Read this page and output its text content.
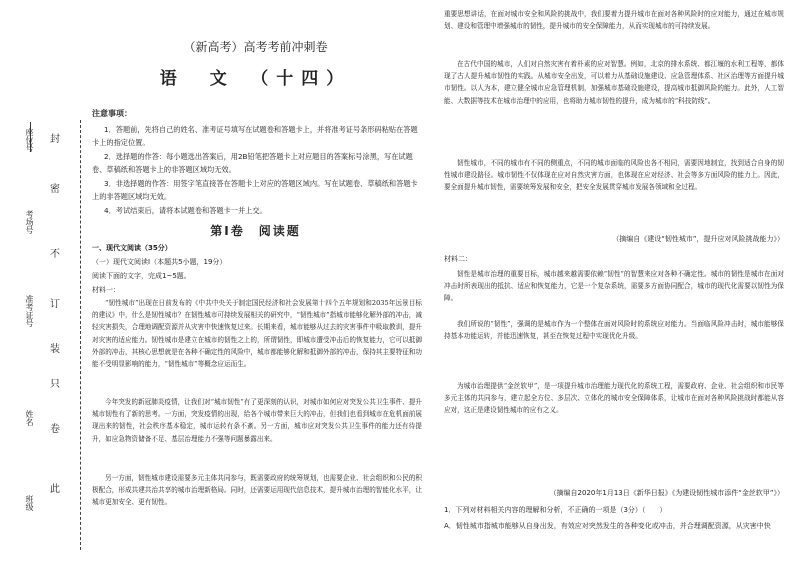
座位号
考场号
准考证号
姓名
班级
封
密
不
订
装
只
卷
此
（新高考）高考考前冲刺卷
语　文　（十四）
注意事项：
1．答题前，先将自己的姓名、准考证号填写在试题卷和答题卡上，并将准考证号条形码粘贴在答题卡上的指定位置。
2．选择题的作答：每小题选出答案后，用2B铅笔把答题卡上对应题目的答案标号涂黑，写在试题卷、草稿纸和答题卡上的非答题区域均无效。
3．非选择题的作答：用签字笔直接答在答题卡上对应的答题区域内。写在试题卷、草稿纸和答题卡上的非答题区域均无效。
4．考试结束后，请将本试题卷和答题卡一并上交。
第Ⅰ卷　阅读题
一、现代文阅读（35分）
（一）现代文阅读Ⅰ（本题共5小题，19分）
阅读下面的文字，完成1~5题。
材料一：
“韧性城市”出现在日前发布的《中共中央关于制定国民经济和社会发展第十四个五年规划和2035年远景目标的建议》中，什么是韧性城市？在韧性城市可持续发展相关的研究中，“韧性城市”指城市能够化解外部的冲击，减轻灾害损失，合理地调配资源并从灾害中快速恢复过来。长期来看，城市能够从过去的灾害事件中吸取教训，提升对灾害的适应能力。韧性城市是建立在城市的韧性之上的，所谓韧性，即城市遭受冲击后的恢复能力，它可以抵御外部的冲击，其核心思想就是在各种不确定性的风险中，城市都能够化解和抵御外部的冲击，保持其主要特征和功能不受明显影响的能力，“韧性城市”等概念应运而生。
今年突发的新冠肺炎疫情，让我们对“城市韧性”有了更深刻的认识，对城市如何应对突发公共卫生事件、提升城市韧性有了新的思考。一方面，突发疫情的出现，给各个城市带来巨大的冲击，但我们也看到城市在危机面前展现出来的韧性，社会秩序基本稳定，城市运转有条不紊。另一方面，城市应对突发公共卫生事件的能力还有待提升，如应急物资储备不足、基层治理能力不强等问题暴露出来。
另一方面，韧性城市建设需要多元主体共同参与，既需要政府的统筹规划，也需要企业、社会组织和公民的积极配合，形成共建共治共享的城市治理新格局。同时，还需要运用现代信息技术，提升城市治理的智能化水平，让城市更加安全、更有韧性。
重要思想讲话，在面对城市安全和风险的挑战中，我们要着力提升城市在面对各种风险时的应对能力，通过在城市规划、建设和管理中增强城市的韧性，提升城市的安全保障能力，从而实现城市的可持续发展。
在古代中国的城市，人们对自然灾害有着朴素的应对智慧。例如，北京的排水系统、都江堰的水利工程等，都体现了古人提升城市韧性的实践。从城市安全出发，可以着力从基础设施建设、应急管理体系、社区治理等方面提升城市韧性。以人为本，建立健全城市应急管理机制，加强城市基础设施建设，提高城市抵御风险的能力。此外，人工智能、大数据等技术在城市治理中的应用，也将助力城市韧性的提升，成为城市的“科技防线”。
韧性城市，不同的城市有不同的侧重点，不同的城市面临的风险也各不相同，需要因地制宜，找到适合自身的韧性城市建设路径。城市韧性不仅体现在应对自然灾害方面，也体现在应对经济、社会等多方面风险的能力上。因此，要全面提升城市韧性，需要统筹发展和安全，把安全发展贯穿城市发展各领域和全过程。
（摘编自《建设“韧性城市”，提升应对风险挑战能力》）
材料二：
韧性是城市治理的重要目标，城市越来越需要依赖“韧性”的智慧来应对各种不确定性。城市的韧性是城市在面对冲击时所表现出的抵抗、适应和恢复能力，它是一个复杂系统，需要多方面协同配合，城市的现代化需要以韧性为保障。
我们所说的“韧性”，强调的是城市作为一个整体在面对风险时的系统应对能力。当面临风险冲击时，城市能够保持基本功能运转，并能迅速恢复，甚至在恢复过程中实现优化升级。
为城市治理提供“金丝软甲”，是一项提升城市治理能力现代化的系统工程，需要政府、企业、社会组织和市民等多元主体的共同参与，建立起全方位、多层次、立体化的城市安全保障体系，让城市在面对各种风险挑战时都能从容应对，这正是建设韧性城市的应有之义。
（摘编自2020年1月13日《新华日报》《为建设韧性城市添件“金丝软甲”》）
1．下列对材料相关内容的理解和分析，不正确的一项是（3分）（　　）
A．韧性城市指城市能够从自身出发，有效应对突然发生的各种变化或冲击，并合理调配资源，从灾害中快
